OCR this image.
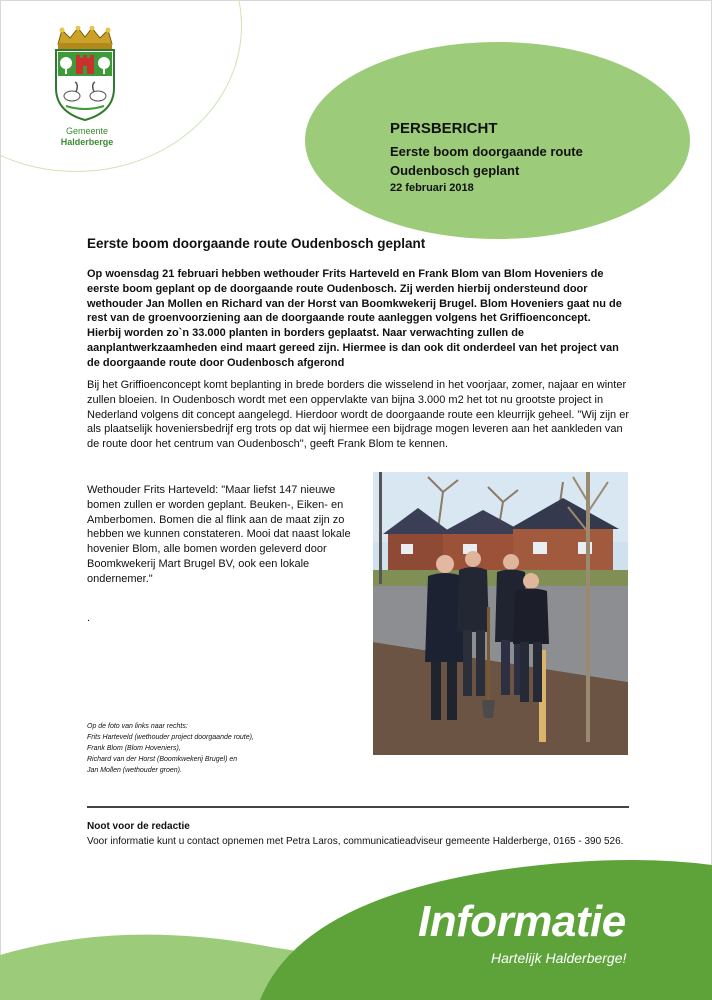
Gemeente
Halderberge
PERSBERICHT
Eerste boom doorgaande route
Oudenbosch geplant
22 februari 2018
Eerste boom doorgaande route Oudenbosch geplant
Op woensdag 21 februari hebben wethouder Frits Harteveld en Frank Blom van Blom Hoveniers de eerste boom geplant op de doorgaande route Oudenbosch. Zij werden hierbij ondersteund door wethouder Jan Mollen en Richard van der Horst van Boomkwekerij Brugel. Blom Hoveniers gaat nu de rest van de groenvoorziening aan de doorgaande route aanleggen volgens het Griffioenconcept. Hierbij worden zo`n 33.000 planten in borders geplaatst. Naar verwachting zullen de aanplantwerkzaamheden eind maart gereed zijn. Hiermee is dan ook dit onderdeel van het project van de doorgaande route door Oudenbosch afgerond
Bij het Griffioenconcept komt beplanting in brede borders die wisselend in het voorjaar, zomer, najaar en winter zullen bloeien. In Oudenbosch wordt met een oppervlakte van bijna 3.000 m2 het tot nu grootste project in Nederland volgens dit concept aangelegd. Hierdoor wordt de doorgaande route een kleurrijk geheel. "Wij zijn er als plaatselijk hoveniersbedrijf erg trots op dat wij hiermee een bijdrage mogen leveren aan het aankleden van de route door het centrum van Oudenbosch", geeft Frank Blom te kennen.
Wethouder Frits Harteveld: "Maar liefst 147 nieuwe bomen zullen er worden geplant. Beuken-, Eiken- en Amberbomen. Bomen die al flink aan de maat zijn zo hebben we kunnen constateren. Mooi dat naast lokale hovenier Blom, alle bomen worden geleverd door Boomkwekerij Mart Brugel BV, ook een lokale ondernemer."
.
Op de foto van links naar rechts:
Frits Harteveld (wethouder project doorgaande route),
Frank Blom (Blom Hoveniers),
Richard van der Horst (Boomkwekerij Brugel) en
Jan Mollen (wethouder groen).
Noot voor de redactie
Voor informatie kunt u contact opnemen met Petra Laros, communicatieadviseur gemeente Halderberge, 0165 - 390 526.
Informatie
Hartelijk Halderberge!
